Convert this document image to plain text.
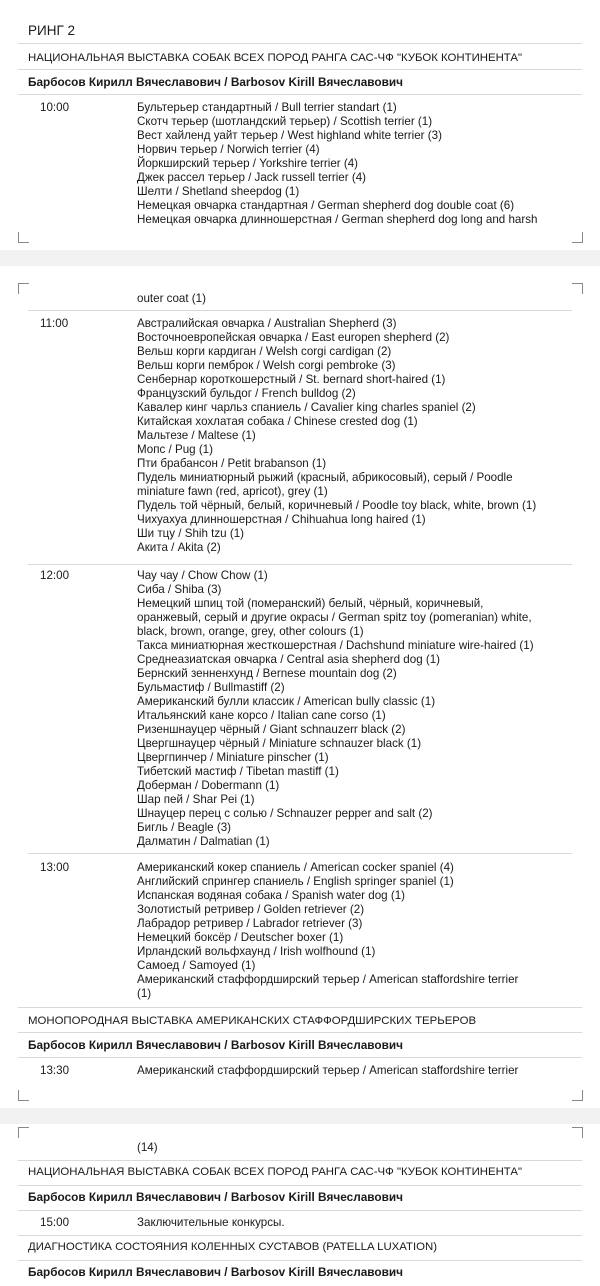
РИНГ 2
НАЦИОНАЛЬНАЯ ВЫСТАВКА СОБАК ВСЕХ ПОРОД РАНГА САС-ЧФ "КУБОК КОНТИНЕНТА"
Барбосов Кирилл Вячеславович / Barbosov Kirill Вячеславович
10:00	Бультерьер стандартный / Bull terrier standart (1)
Скотч терьер (шотландский терьер) / Scottish terrier (1)
Вест хайленд уайт терьер / West highland white terrier (3)
Норвич терьер / Norwich terrier (4)
Йоркширский терьер / Yorkshire terrier (4)
Джек рассел терьер / Jack russell terrier (4)
Шелти / Shetland sheepdog (1)
Немецкая овчарка стандартная / German shepherd dog double coat (6)
Немецкая овчарка длинношерстная / German shepherd dog long and harsh
outer coat (1)
11:00	Австралийская овчарка / Australian Shepherd (3)
Восточноевропейская овчарка / East europen shepherd (2)
Вельш корги кардиган / Welsh corgi cardigan (2)
Вельш корги пемброк / Welsh corgi pembroke (3)
Сенбернар короткошерстный / St. bernard short-haired (1)
Французский бульдог / French bulldog (2)
Кавалер кинг чарльз спаниель / Cavalier king charles spaniel (2)
Китайская хохлатая собака / Chinese crested dog (1)
Мальтезе / Maltese (1)
Мопс / Pug (1)
Пти брабансон / Petit brabanson (1)
Пудель миниатюрный рыжий (красный, абрикосовый), серый / Poodle
miniature fawn (red, apricot), grey (1)
Пудель той чёрный, белый, коричневый / Poodle toy black, white, brown (1)
Чихуахуа длинношерстная / Chihuahua long haired (1)
Ши тцу / Shih tzu (1)
Акита / Akita (2)
12:00	Чау чау / Chow Chow (1)
Сиба / Shiba (3)
Немецкий шпиц той (померанский) белый, чёрный, коричневый,
оранжевый, серый и другие окрасы / German spitz toy (pomeranian) white,
black, brown, orange, grey, other colours (1)
Такса миниатюрная жесткошерстная / Dachshund miniature wire-haired (1)
Среднеазиатская овчарка / Central asia shepherd dog (1)
Бернский зенненхунд / Bernese mountain dog (2)
Бульмастиф / Bullmastiff (2)
Американский булли классик / American bully classic (1)
Итальянский кане корсо / Italian cane corso (1)
Ризеншнауцер чёрный / Giant schnauzerr black (2)
Цвергшнауцер чёрный / Miniature schnauzer black (1)
Цвергпинчер / Miniature pinscher (1)
Тибетский мастиф / Tibetan mastiff (1)
Доберман / Dobermann (1)
Шар пей / Shar Pei (1)
Шнауцер перец с солью / Schnauzer pepper and salt (2)
Бигль / Beagle (3)
Далматин / Dalmatian (1)
13:00	Американский кокер спаниель / American cocker spaniel (4)
Английский спрингер спаниель / English springer spaniel (1)
Испанская водяная собака / Spanish water dog (1)
Золотистый ретривер / Golden retriever (2)
Лабрадор ретривер / Labrador retriever (3)
Немецкий боксёр / Deutscher boxer (1)
Ирландский вольфхаунд / Irish wolfhound (1)
Самоед / Samoyed (1)
Американский стаффордширский терьер / American staffordshire terrier
(1)
МОНОПОРОДНАЯ ВЫСТАВКА АМЕРИКАНСКИХ СТАФФОРДШИРСКИХ ТЕРЬЕРОВ
Барбосов Кирилл Вячеславович / Barbosov Kirill Вячеславович
13:30	Американский стаффордширский терьер / American staffordshire terrier
(14)
НАЦИОНАЛЬНАЯ ВЫСТАВКА СОБАК ВСЕХ ПОРОД РАНГА САС-ЧФ "КУБОК КОНТИНЕНТА"
Барбосов Кирилл Вячеславович / Barbosov Kirill Вячеславович
15:00	Заключительные конкурсы.
ДИАГНОСТИКА СОСТОЯНИЯ КОЛЕННЫХ СУСТАВОВ (PATELLA LUXATION)
Барбосов Кирилл Вячеславович / Barbosov Kirill Вячеславович
